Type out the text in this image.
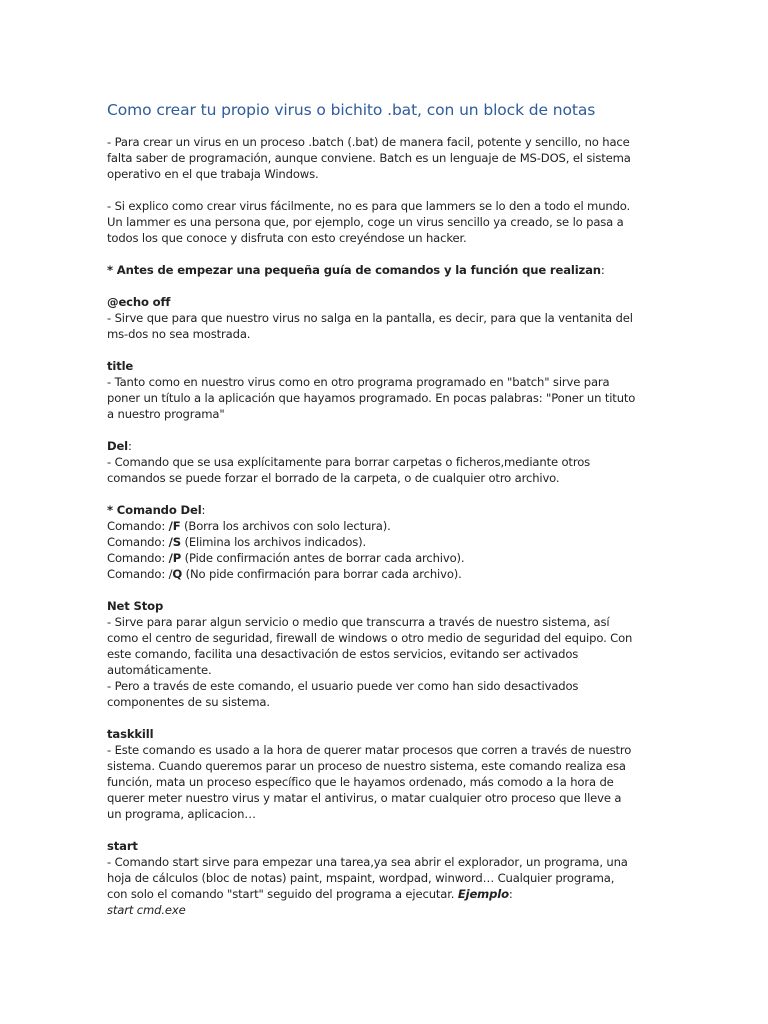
Como crear tu propio virus o bichito .bat, con un block de notas
- Para crear un virus en un proceso .batch (.bat) de manera facil, potente y sencillo, no hace
falta saber de programación, aunque conviene. Batch es un lenguaje de MS-DOS, el sistema
operativo en el que trabaja Windows.
- Si explico como crear virus fácilmente, no es para que lammers se lo den a todo el mundo.
Un lammer es una persona que, por ejemplo, coge un virus sencillo ya creado, se lo pasa a
todos los que conoce y disfruta con esto creyéndose un hacker.
* Antes de empezar una pequeña guía de comandos y la función que realizan:
@echo off
- Sirve que para que nuestro virus no salga en la pantalla, es decir, para que la ventanita del
ms-dos no sea mostrada.
title
- Tanto como en nuestro virus como en otro programa programado en "batch" sirve para
poner un título a la aplicación que hayamos programado. En pocas palabras: "Poner un tituto
a nuestro programa"
Del:
- Comando que se usa explícitamente para borrar carpetas o ficheros,mediante otros
comandos se puede forzar el borrado de la carpeta, o de cualquier otro archivo.
* Comando Del:
Comando: /F (Borra los archivos con solo lectura).
Comando: /S (Elimina los archivos indicados).
Comando: /P (Pide confirmación antes de borrar cada archivo).
Comando: /Q (No pide confirmación para borrar cada archivo).
Net Stop
- Sirve para parar algun servicio o medio que transcurra a través de nuestro sistema, así
como el centro de seguridad, firewall de windows o otro medio de seguridad del equipo. Con
este comando, facilita una desactivación de estos servicios, evitando ser activados
automáticamente.
- Pero a través de este comando, el usuario puede ver como han sido desactivados
componentes de su sistema.
taskkill
- Este comando es usado a la hora de querer matar procesos que corren a través de nuestro
sistema. Cuando queremos parar un proceso de nuestro sistema, este comando realiza esa
función, mata un proceso específico que le hayamos ordenado, más comodo a la hora de
querer meter nuestro virus y matar el antivirus, o matar cualquier otro proceso que lleve a
un programa, aplicacion…
start
- Comando start sirve para empezar una tarea,ya sea abrir el explorador, un programa, una
hoja de cálculos (bloc de notas) paint, mspaint, wordpad, winword… Cualquier programa,
con solo el comando "start" seguido del programa a ejecutar. Ejemplo:
start cmd.exe
